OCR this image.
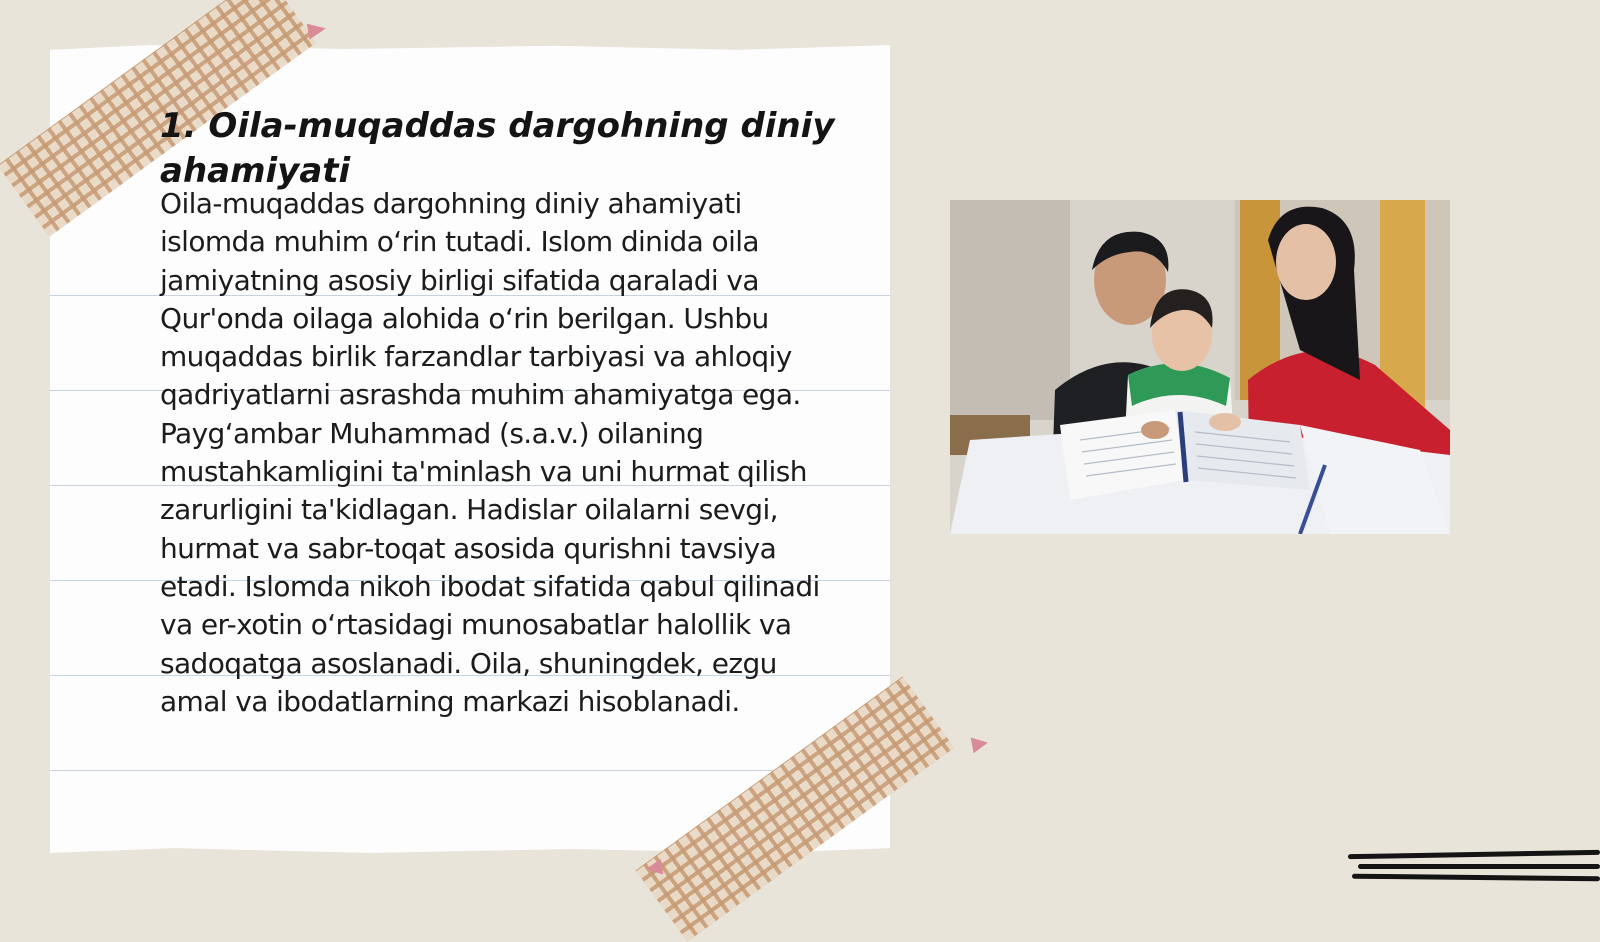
1. Oila-muqaddas dargohning diniy ahamiyati

Oila-muqaddas dargohning diniy ahamiyati islomda muhim o‘rin tutadi. Islom dinida oila jamiyatning asosiy birligi sifatida qaraladi va Qur'onda oilaga alohida o‘rin berilgan. Ushbu muqaddas birlik farzandlar tarbiyasi va ahloqiy qadriyatlarni asrashda muhim ahamiyatga ega. Payg‘ambar Muhammad (s.a.v.) oilaning mustahkamligini ta'minlash va uni hurmat qilish zarurligini ta'kidlagan. Hadislar oilalarni sevgi, hurmat va sabr-toqat asosida qurishni tavsiya etadi. Islomda nikoh ibodat sifatida qabul qilinadi va er-xotin o‘rtasidagi munosabatlar halollik va sadoqatga asoslanadi. Oila, shuningdek, ezgu amal va ibodatlarning markazi hisoblanadi.
